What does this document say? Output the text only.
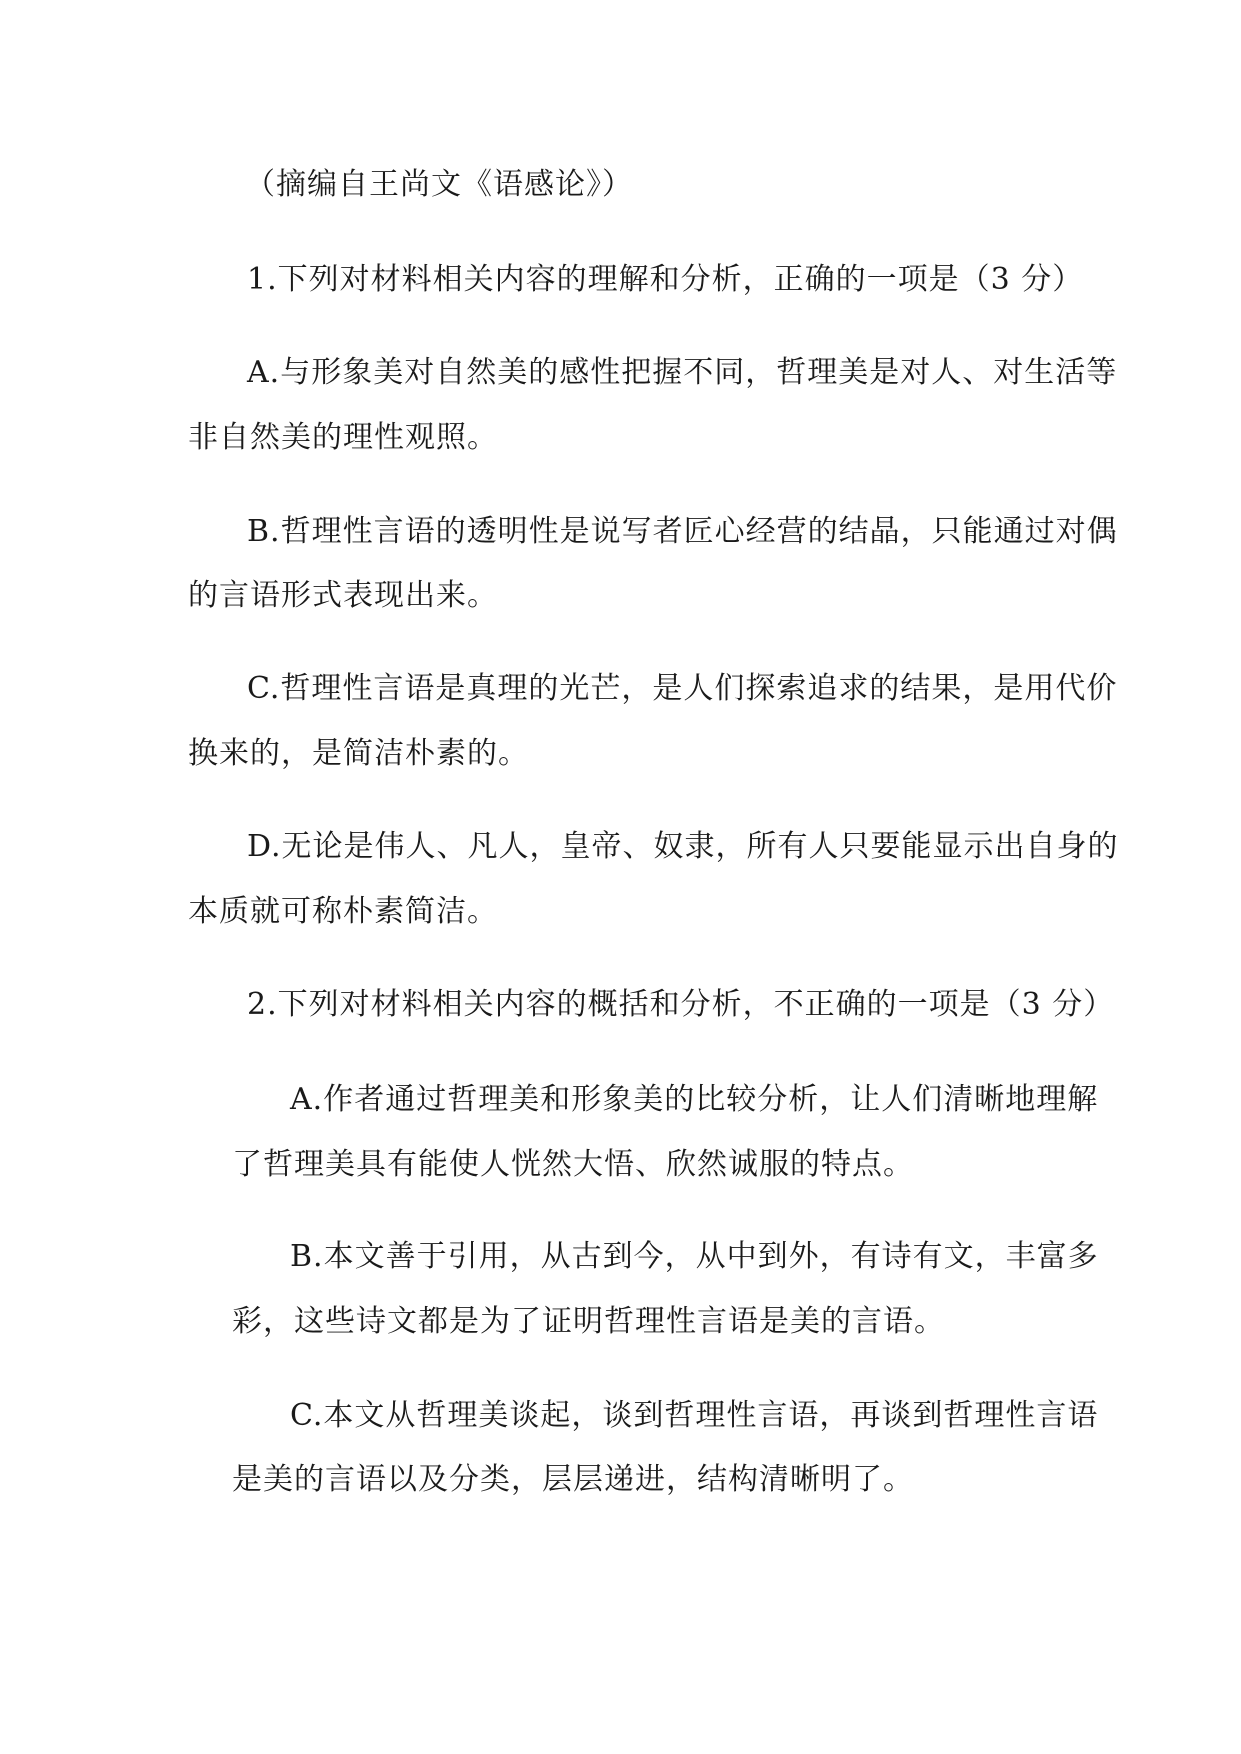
（摘编自王尚文《语感论》）
1.下列对材料相关内容的理解和分析，正确的一项是（3 分）
A.与形象美对自然美的感性把握不同，哲理美是对人、对生活等
非自然美的理性观照。
B.哲理性言语的透明性是说写者匠心经营的结晶，只能通过对偶
的言语形式表现出来。
C.哲理性言语是真理的光芒，是人们探索追求的结果，是用代价
换来的，是简洁朴素的。
D.无论是伟人、凡人，皇帝、奴隶，所有人只要能显示出自身的
本质就可称朴素简洁。
2.下列对材料相关内容的概括和分析，不正确的一项是（3 分）
A.作者通过哲理美和形象美的比较分析，让人们清晰地理解
了哲理美具有能使人恍然大悟、欣然诚服的特点。
B.本文善于引用，从古到今，从中到外，有诗有文，丰富多
彩，这些诗文都是为了证明哲理性言语是美的言语。
C.本文从哲理美谈起，谈到哲理性言语，再谈到哲理性言语
是美的言语以及分类，层层递进，结构清晰明了。
